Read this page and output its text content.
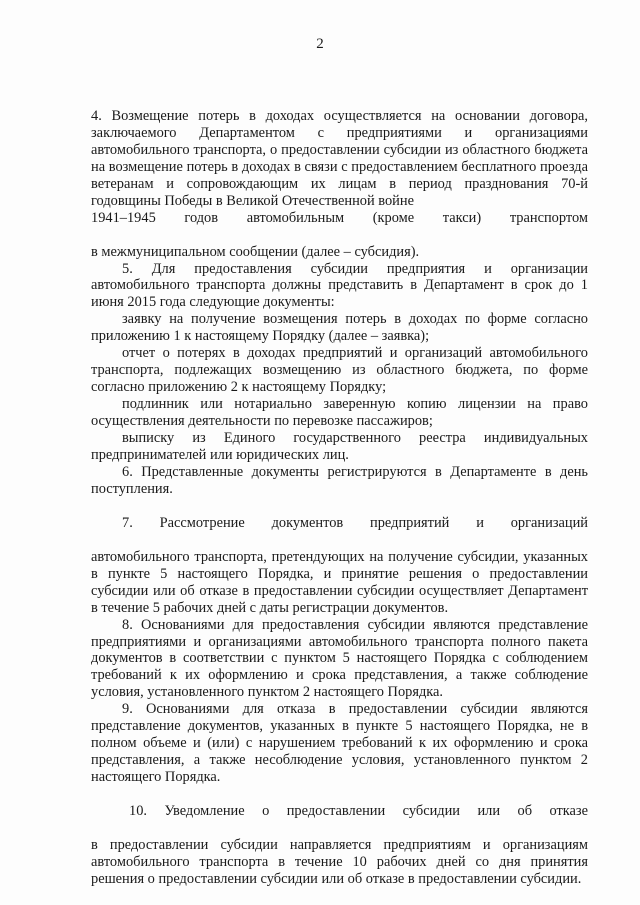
2

4. Возмещение потерь в доходах осуществляется на основании договора, заключаемого Департаментом с предприятиями и организациями автомобильного транспорта, о предоставлении субсидии из областного бюджета на возмещение потерь в доходах в связи с предоставлением бесплатного проезда ветеранам и сопровождающим их лицам в период празднования 70-й годовщины Победы в Великой Отечественной войне

1941–1945 годов автомобильным (кроме такси) транспортом

в межмуниципальном сообщении (далее – субсидия).

5. Для предоставления субсидии предприятия и организации автомобильного транспорта должны представить в Департамент в срок до 1 июня 2015 года следующие документы:

заявку на получение возмещения потерь в доходах по форме согласно приложению 1 к настоящему Порядку (далее – заявка);

отчет о потерях в доходах предприятий и организаций автомобильного транспорта, подлежащих возмещению из областного бюджета, по форме согласно приложению 2 к настоящему Порядку;

подлинник или нотариально заверенную копию лицензии на право осуществления деятельности по перевозке пассажиров;

выписку из Единого государственного реестра индивидуальных предпринимателей или юридических лиц.

6. Представленные документы регистрируются в Департаменте в день поступления.

7. Рассмотрение документов предприятий и организаций

автомобильного транспорта, претендующих на получение субсидии, указанных в пункте 5 настоящего Порядка, и принятие решения о предоставлении субсидии или об отказе в предоставлении субсидии осуществляет Департамент в течение 5 рабочих дней с даты регистрации документов.

8. Основаниями для предоставления субсидии являются представление предприятиями и организациями автомобильного транспорта полного пакета документов в соответствии с пунктом 5 настоящего Порядка с соблюдением требований к их оформлению и срока представления, а также соблюдение условия, установленного пунктом 2 настоящего Порядка.

9. Основаниями для отказа в предоставлении субсидии являются представление документов, указанных в пункте 5 настоящего Порядка, не в полном объеме и (или) с нарушением требований к их оформлению и срока представления, а также несоблюдение условия, установленного пунктом 2 настоящего Порядка.

10. Уведомление о предоставлении субсидии или об отказе

в предоставлении субсидии направляется предприятиям и организациям автомобильного транспорта в течение 10 рабочих дней со дня принятия решения о предоставлении субсидии или об отказе в предоставлении субсидии.
